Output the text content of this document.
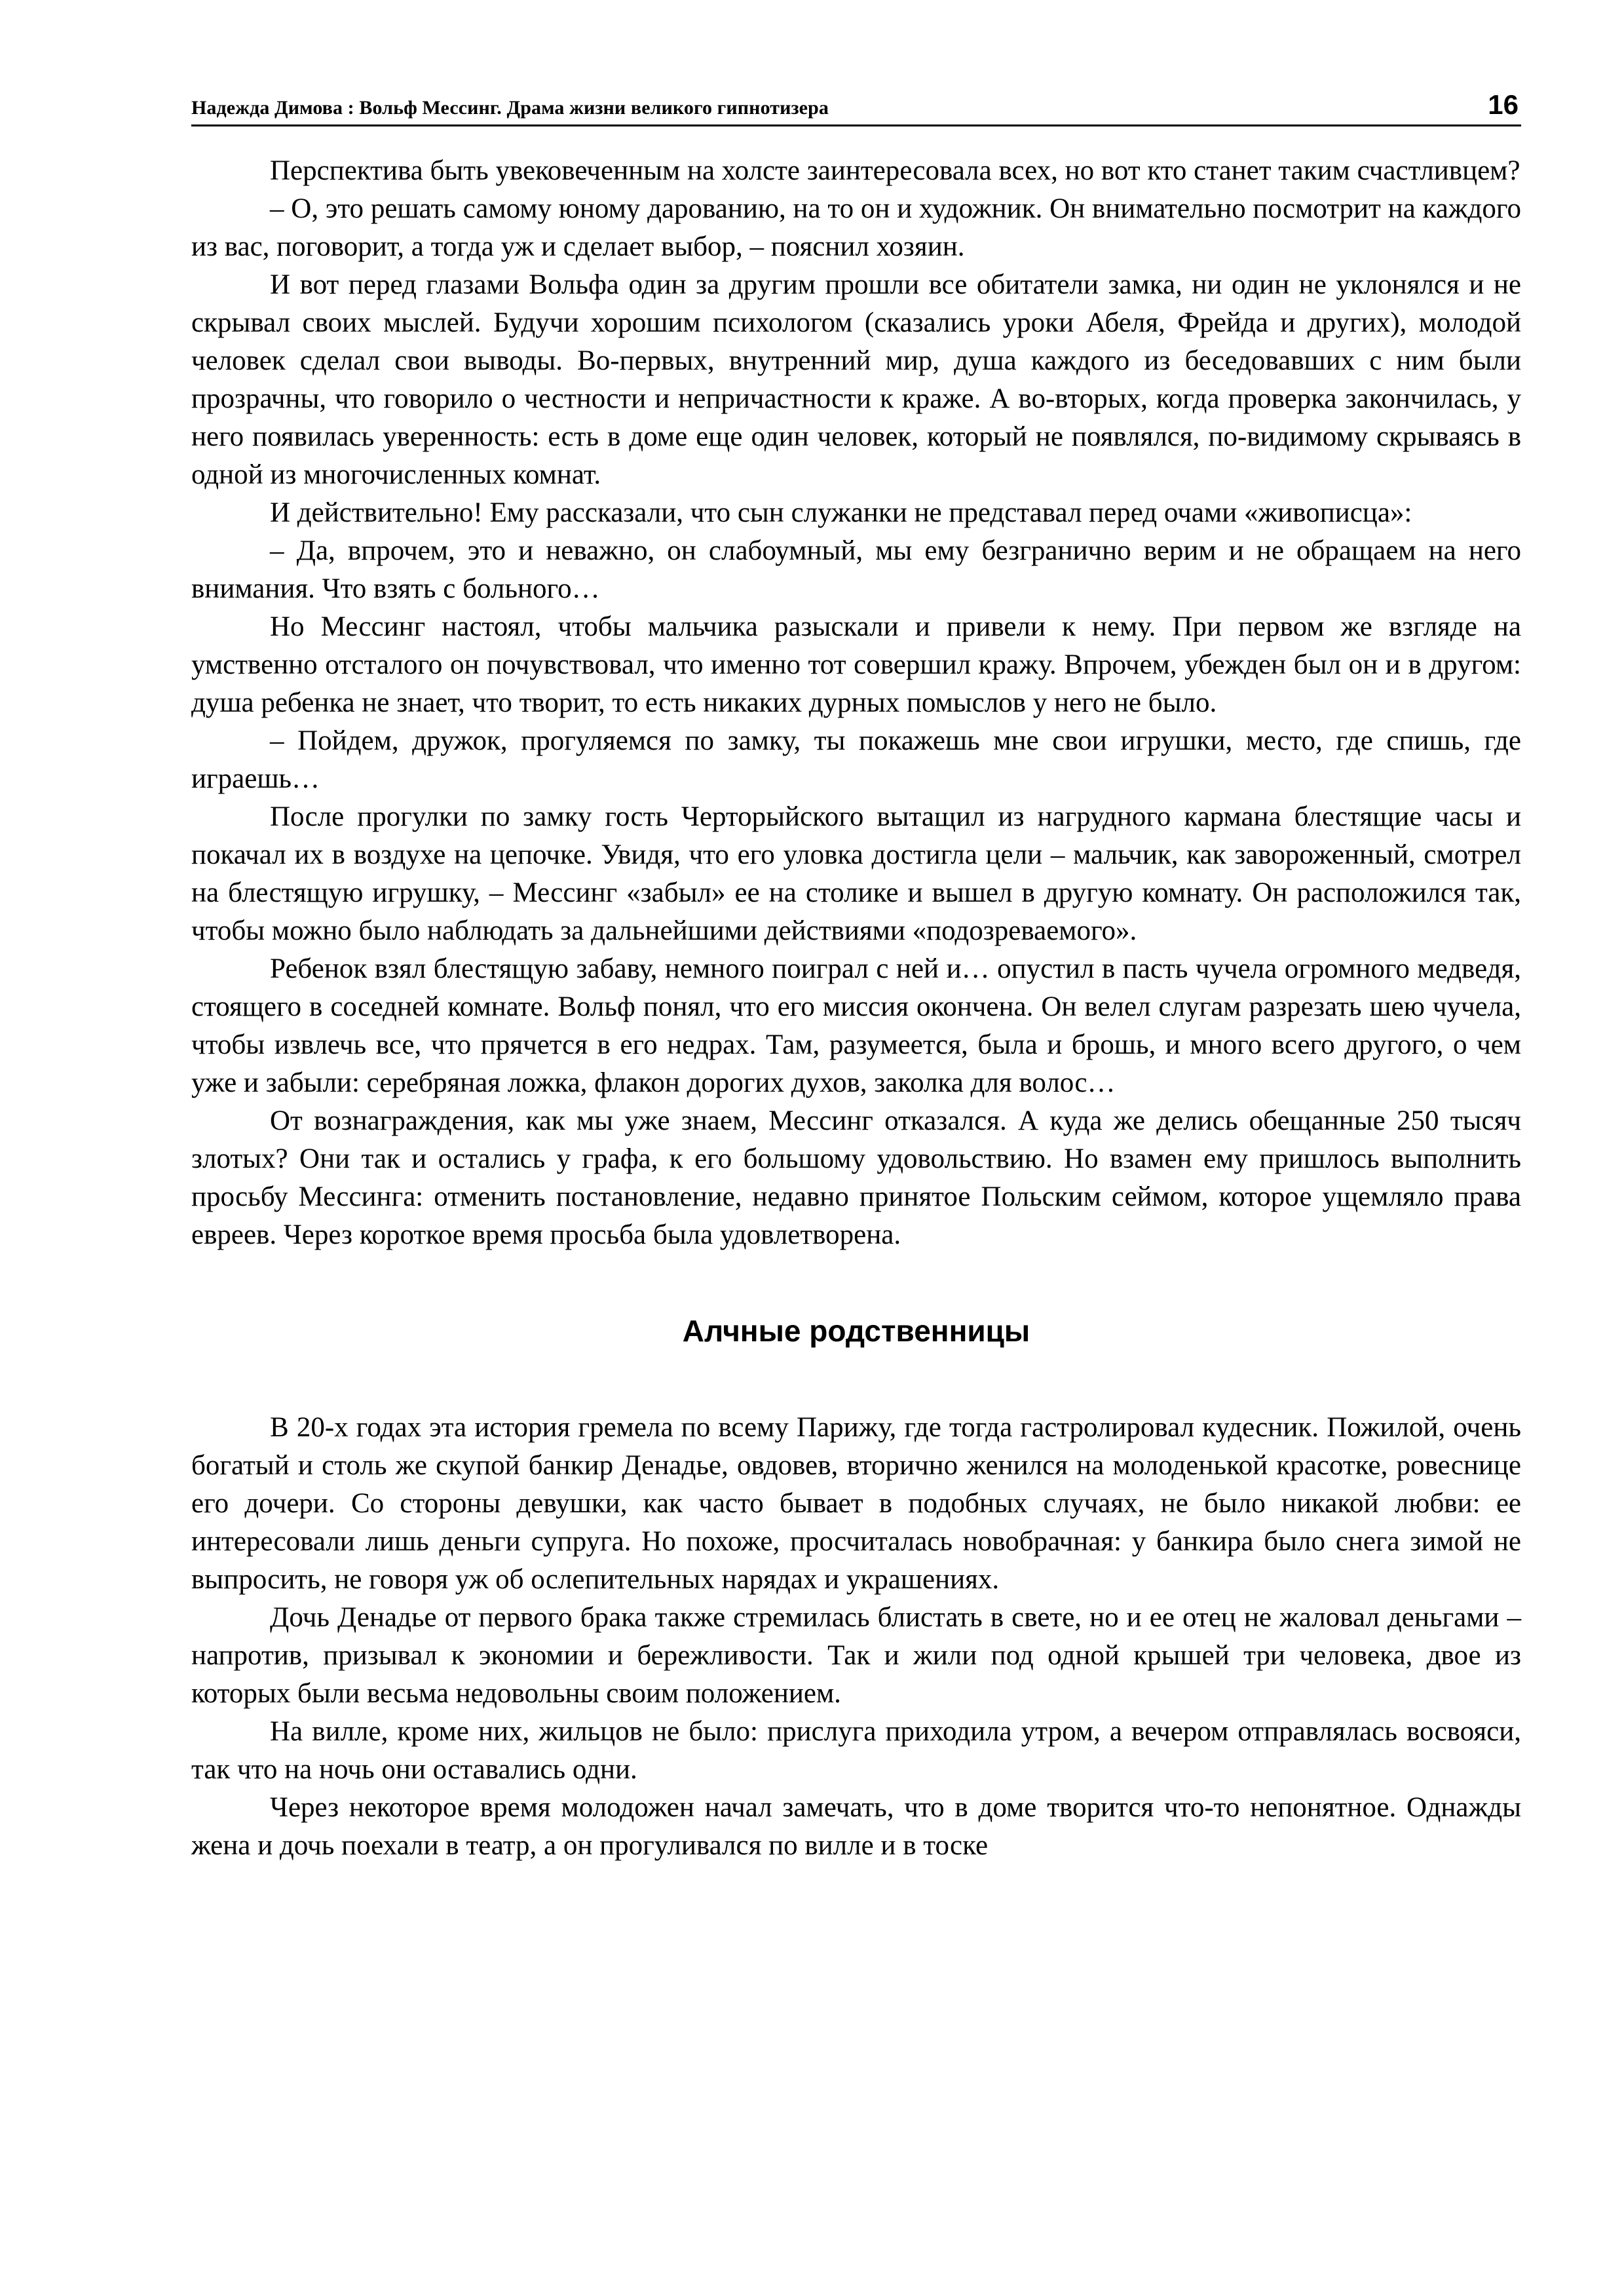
Надежда Димова : Вольф Мессинг. Драма жизни великого гипнотизера	16

Перспектива быть увековеченным на холсте заинтересовала всех, но вот кто станет таким счастливцем?

– О, это решать самому юному дарованию, на то он и художник. Он внимательно посмотрит на каждого из вас, поговорит, а тогда уж и сделает выбор, – пояснил хозяин.

И вот перед глазами Вольфа один за другим прошли все обитатели замка, ни один не уклонялся и не скрывал своих мыслей. Будучи хорошим психологом (сказались уроки Абеля, Фрейда и других), молодой человек сделал свои выводы. Во-первых, внутренний мир, душа каждого из беседовавших с ним были прозрачны, что говорило о честности и непричастности к краже. А во-вторых, когда проверка закончилась, у него появилась уверенность: есть в доме еще один человек, который не появлялся, по-видимому скрываясь в одной из многочисленных комнат.

И действительно! Ему рассказали, что сын служанки не представал перед очами «живописца»:

– Да, впрочем, это и неважно, он слабоумный, мы ему безгранично верим и не обращаем на него внимания. Что взять с больного…

Но Мессинг настоял, чтобы мальчика разыскали и привели к нему. При первом же взгляде на умственно отсталого он почувствовал, что именно тот совершил кражу. Впрочем, убежден был он и в другом: душа ребенка не знает, что творит, то есть никаких дурных помыслов у него не было.

– Пойдем, дружок, прогуляемся по замку, ты покажешь мне свои игрушки, место, где спишь, где играешь…

После прогулки по замку гость Черторыйского вытащил из нагрудного кармана блестящие часы и покачал их в воздухе на цепочке. Увидя, что его уловка достигла цели – мальчик, как завороженный, смотрел на блестящую игрушку, – Мессинг «забыл» ее на столике и вышел в другую комнату. Он расположился так, чтобы можно было наблюдать за дальнейшими действиями «подозреваемого».

Ребенок взял блестящую забаву, немного поиграл с ней и… опустил в пасть чучела огромного медведя, стоящего в соседней комнате. Вольф понял, что его миссия окончена. Он велел слугам разрезать шею чучела, чтобы извлечь все, что прячется в его недрах. Там, разумеется, была и брошь, и много всего другого, о чем уже и забыли: серебряная ложка, флакон дорогих духов, заколка для волос…

От вознаграждения, как мы уже знаем, Мессинг отказался. А куда же делись обещанные 250 тысяч злотых? Они так и остались у графа, к его большому удовольствию. Но взамен ему пришлось выполнить просьбу Мессинга: отменить постановление, недавно принятое Польским сеймом, которое ущемляло права евреев. Через короткое время просьба была удовлетворена.

Алчные родственницы

В 20-х годах эта история гремела по всему Парижу, где тогда гастролировал кудесник. Пожилой, очень богатый и столь же скупой банкир Денадье, овдовев, вторично женился на молоденькой красотке, ровеснице его дочери. Со стороны девушки, как часто бывает в подобных случаях, не было никакой любви: ее интересовали лишь деньги супруга. Но похоже, просчиталась новобрачная: у банкира было снега зимой не выпросить, не говоря уж об ослепительных нарядах и украшениях.

Дочь Денадье от первого брака также стремилась блистать в свете, но и ее отец не жаловал деньгами – напротив, призывал к экономии и бережливости. Так и жили под одной крышей три человека, двое из которых были весьма недовольны своим положением.

На вилле, кроме них, жильцов не было: прислуга приходила утром, а вечером отправлялась восвояси, так что на ночь они оставались одни.

Через некоторое время молодожен начал замечать, что в доме творится что-то непонятное. Однажды жена и дочь поехали в театр, а он прогуливался по вилле и в тоске
